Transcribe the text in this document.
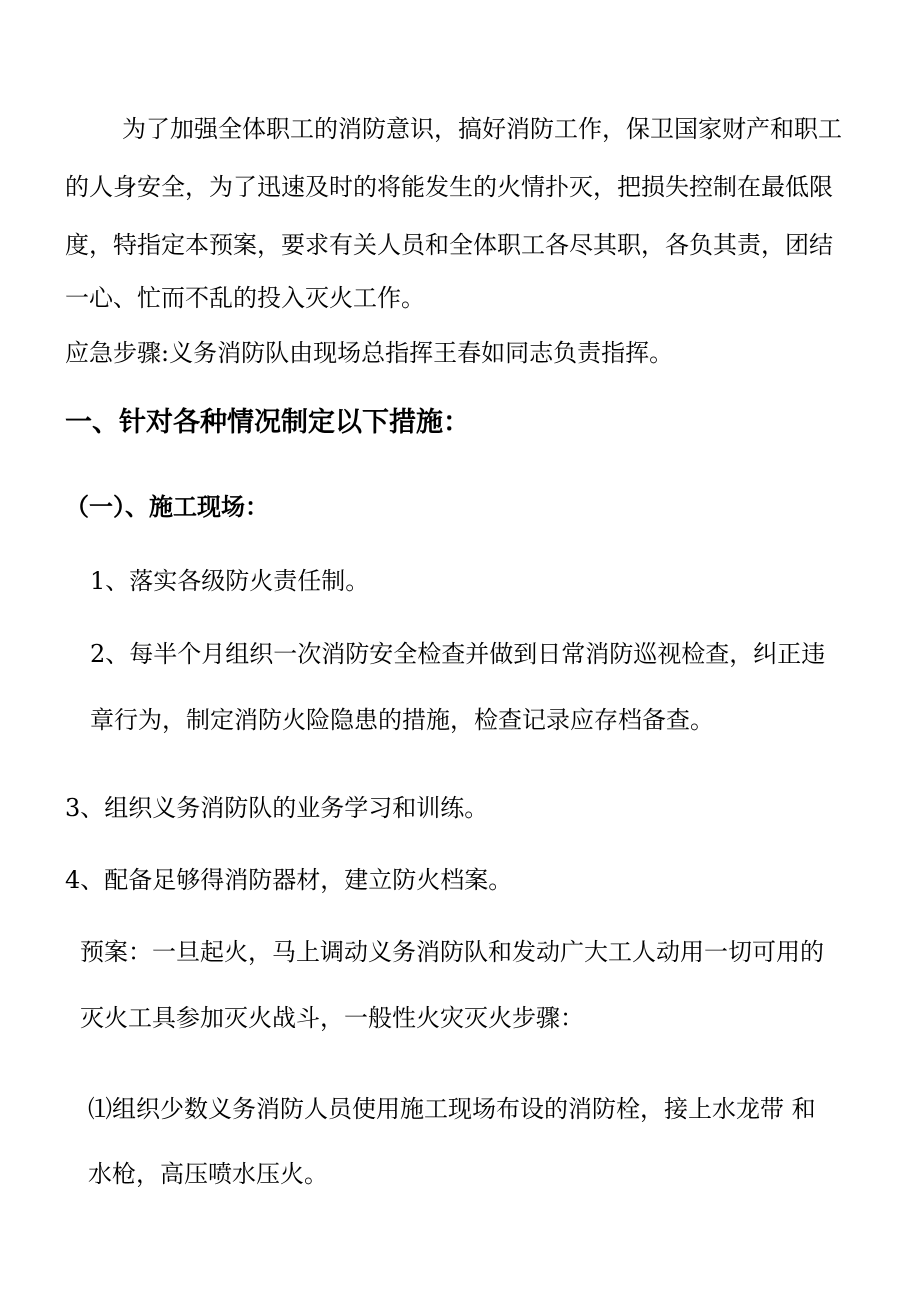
为了加强全体职工的消防意识，搞好消防工作，保卫国家财产和职工

的人身安全，为了迅速及时的将能发生的火情扑灭，把损失控制在最低限

度，特指定本预案，要求有关人员和全体职工各尽其职，各负其责，团结

一心、忙而不乱的投入灭火工作。

应急步骤:义务消防队由现场总指挥王春如同志负责指挥。

一、针对各种情况制定以下措施：

（一）、施工现场：

1、落实各级防火责任制。

2、每半个月组织一次消防安全检查并做到日常消防巡视检查，纠正违

章行为，制定消防火险隐患的措施，检查记录应存档备查。

3、组织义务消防队的业务学习和训练。

4、配备足够得消防器材，建立防火档案。

预案：一旦起火，马上调动义务消防队和发动广大工人动用一切可用的

灭火工具参加灭火战斗，一般性火灾灭火步骤：

⑴组织少数义务消防人员使用施工现场布设的消防栓，接上水龙带 和

水枪，高压喷水压火。
